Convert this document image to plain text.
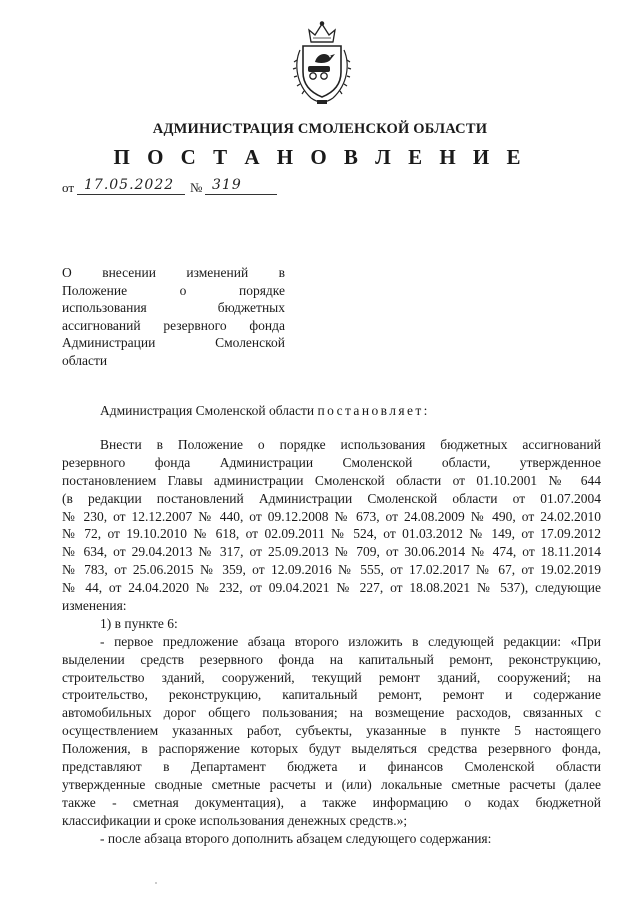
АДМИНИСТРАЦИЯ СМОЛЕНСКОЙ ОБЛАСТИ
П О С Т А Н О В Л Е Н И Е
от 17.05.2022 № 319
О внесении изменений в
Положение о порядке
использования бюджетных
ассигнований резервного фонда
Администрации Смоленской
области
Администрация Смоленской области постановляет:
Внести в Положение о порядке использования бюджетных ассигнований
резервного фонда Администрации Смоленской области, утвержденное
постановлением Главы администрации Смоленской области от 01.10.2001 № 644
(в редакции постановлений Администрации Смоленской области от 01.07.2004
№ 230, от 12.12.2007 № 440, от 09.12.2008 № 673, от 24.08.2009 № 490, от 24.02.2010
№ 72, от 19.10.2010 № 618, от 02.09.2011 № 524, от 01.03.2012 № 149, от 17.09.2012
№ 634, от 29.04.2013 № 317, от 25.09.2013 № 709, от 30.06.2014 № 474, от 18.11.2014
№ 783, от 25.06.2015 № 359, от 12.09.2016 № 555, от 17.02.2017 № 67, от 19.02.2019
№ 44, от 24.04.2020 № 232, от 09.04.2021 № 227, от 18.08.2021 № 537), следующие
изменения:
1) в пункте 6:
- первое предложение абзаца второго изложить в следующей редакции: «При
выделении средств резервного фонда на капитальный ремонт, реконструкцию,
строительство зданий, сооружений, текущий ремонт зданий, сооружений; на
строительство, реконструкцию, капитальный ремонт, ремонт и содержание
автомобильных дорог общего пользования; на возмещение расходов, связанных с
осуществлением указанных работ, субъекты, указанные в пункте 5 настоящего
Положения, в распоряжение которых будут выделяться средства резервного фонда,
представляют в Департамент бюджета и финансов Смоленской области
утвержденные сводные сметные расчеты и (или) локальные сметные расчеты (далее
также - сметная документация), а также информацию о кодах бюджетной
классификации и сроке использования денежных средств.»;
- после абзаца второго дополнить абзацем следующего содержания:
